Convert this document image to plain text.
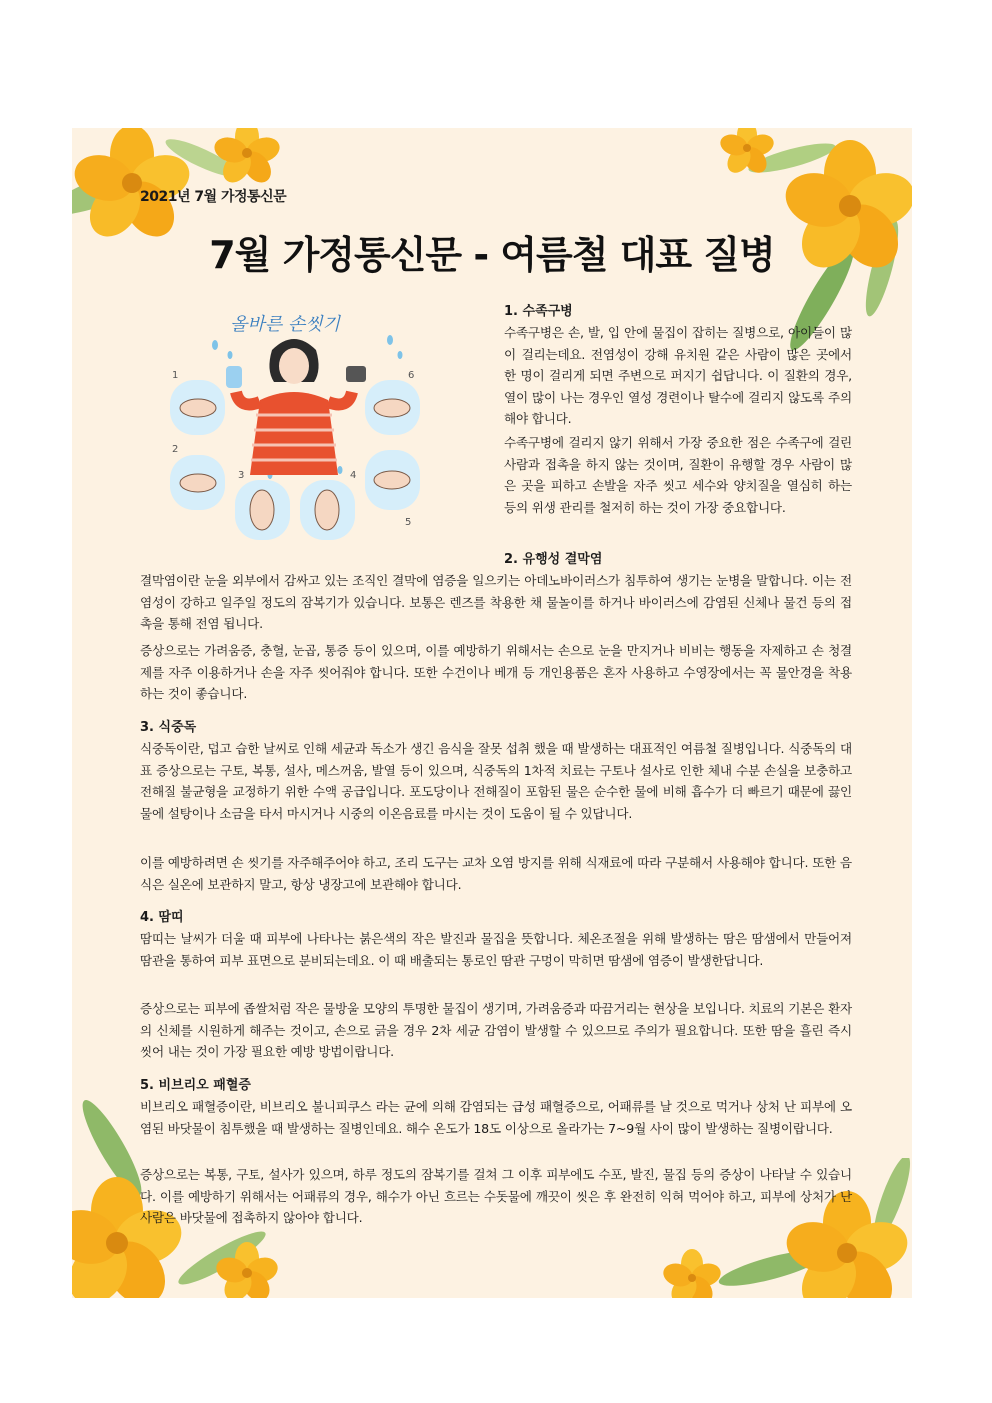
2021년 7월 가정통신문
7월 가정통신문 - 여름철 대표 질병
올바른 손씻기
1
2
3	4
5
6
1. 수족구병

수족구병은 손, 발, 입 안에 물집이 잡히는 질병으로, 아이들이 많이 걸리는데요. 전염성이 강해 유치원 같은 사람이 많은 곳에서 한 명이 걸리게 되면 주변으로 퍼지기 쉽답니다. 이 질환의 경우, 열이 많이 나는 경우인 열성 경련이나 탈수에 걸리지 않도록 주의해야 합니다.

수족구병에 걸리지 않기 위해서 가장 중요한 점은 수족구에 걸린 사람과 접촉을 하지 않는 것이며, 질환이 유행할 경우 사람이 많은 곳을 피하고 손발을 자주 씻고 세수와 양치질을 열심히 하는 등의 위생 관리를 철저히 하는 것이 가장 중요합니다.

2. 유행성 결막염

결막염이란 눈을 외부에서 감싸고 있는 조직인 결막에 염증을 일으키는 아데노바이러스가 침투하여 생기는 눈병을 말합니다. 이는 전염성이 강하고 일주일 정도의 잠복기가 있습니다. 보통은 렌즈를 착용한 채 물놀이를 하거나 바이러스에 감염된 신체나 물건 등의 접촉을 통해 전염 됩니다.

증상으로는 가려움증, 충혈, 눈곱, 통증 등이 있으며, 이를 예방하기 위해서는 손으로 눈을 만지거나 비비는 행동을 자제하고 손 청결제를 자주 이용하거나 손을 자주 씻어줘야 합니다. 또한 수건이나 베개 등 개인용품은 혼자 사용하고 수영장에서는 꼭 물안경을 착용하는 것이 좋습니다.

3. 식중독

식중독이란, 덥고 습한 날씨로 인해 세균과 독소가 생긴 음식을 잘못 섭취 했을 때 발생하는 대표적인 여름철 질병입니다. 식중독의 대표 증상으로는 구토, 복통, 설사, 메스꺼움, 발열 등이 있으며, 식중독의 1차적 치료는 구토나 설사로 인한 체내 수분 손실을 보충하고 전해질 불균형을 교정하기 위한 수액 공급입니다. 포도당이나 전해질이 포함된 물은 순수한 물에 비해 흡수가 더 빠르기 때문에 끓인 물에 설탕이나 소금을 타서 마시거나 시중의 이온음료를 마시는 것이 도움이 될 수 있답니다.

이를 예방하려면 손 씻기를 자주해주어야 하고, 조리 도구는 교차 오염 방지를 위해 식재료에 따라 구분해서 사용해야 합니다. 또한 음식은 실온에 보관하지 말고, 항상 냉장고에 보관해야 합니다.

4. 땀띠

땀띠는 날씨가 더울 때 피부에 나타나는 붉은색의 작은 발진과 물집을 뜻합니다. 체온조절을 위해 발생하는 땀은 땀샘에서 만들어져 땀관을 통하여 피부 표면으로 분비되는데요. 이 때 배출되는 통로인 땀관 구멍이 막히면 땀샘에 염증이 발생한답니다.

증상으로는 피부에 좁쌀처럼 작은 물방울 모양의 투명한 물집이 생기며, 가려움증과 따끔거리는 현상을 보입니다. 치료의 기본은 환자의 신체를 시원하게 해주는 것이고, 손으로 긁을 경우 2차 세균 감염이 발생할 수 있으므로 주의가 필요합니다. 또한 땀을 흘린 즉시 씻어 내는 것이 가장 필요한 예방 방법이랍니다.

5. 비브리오 패혈증

비브리오 패혈증이란, 비브리오 불니피쿠스 라는 균에 의해 감염되는 급성 패혈증으로, 어패류를 날 것으로 먹거나 상처 난 피부에 오염된 바닷물이 침투했을 때 발생하는 질병인데요. 해수 온도가 18도 이상으로 올라가는 7~9월 사이 많이 발생하는 질병이랍니다.

증상으로는 복통, 구토, 설사가 있으며, 하루 정도의 잠복기를 걸쳐 그 이후 피부에도 수포, 발진, 물집 등의 증상이 나타날 수 있습니다. 이를 예방하기 위해서는 어패류의 경우, 해수가 아닌 흐르는 수돗물에 깨끗이 씻은 후 완전히 익혀 먹어야 하고, 피부에 상처가 난 사람은 바닷물에 접촉하지 않아야 합니다.
